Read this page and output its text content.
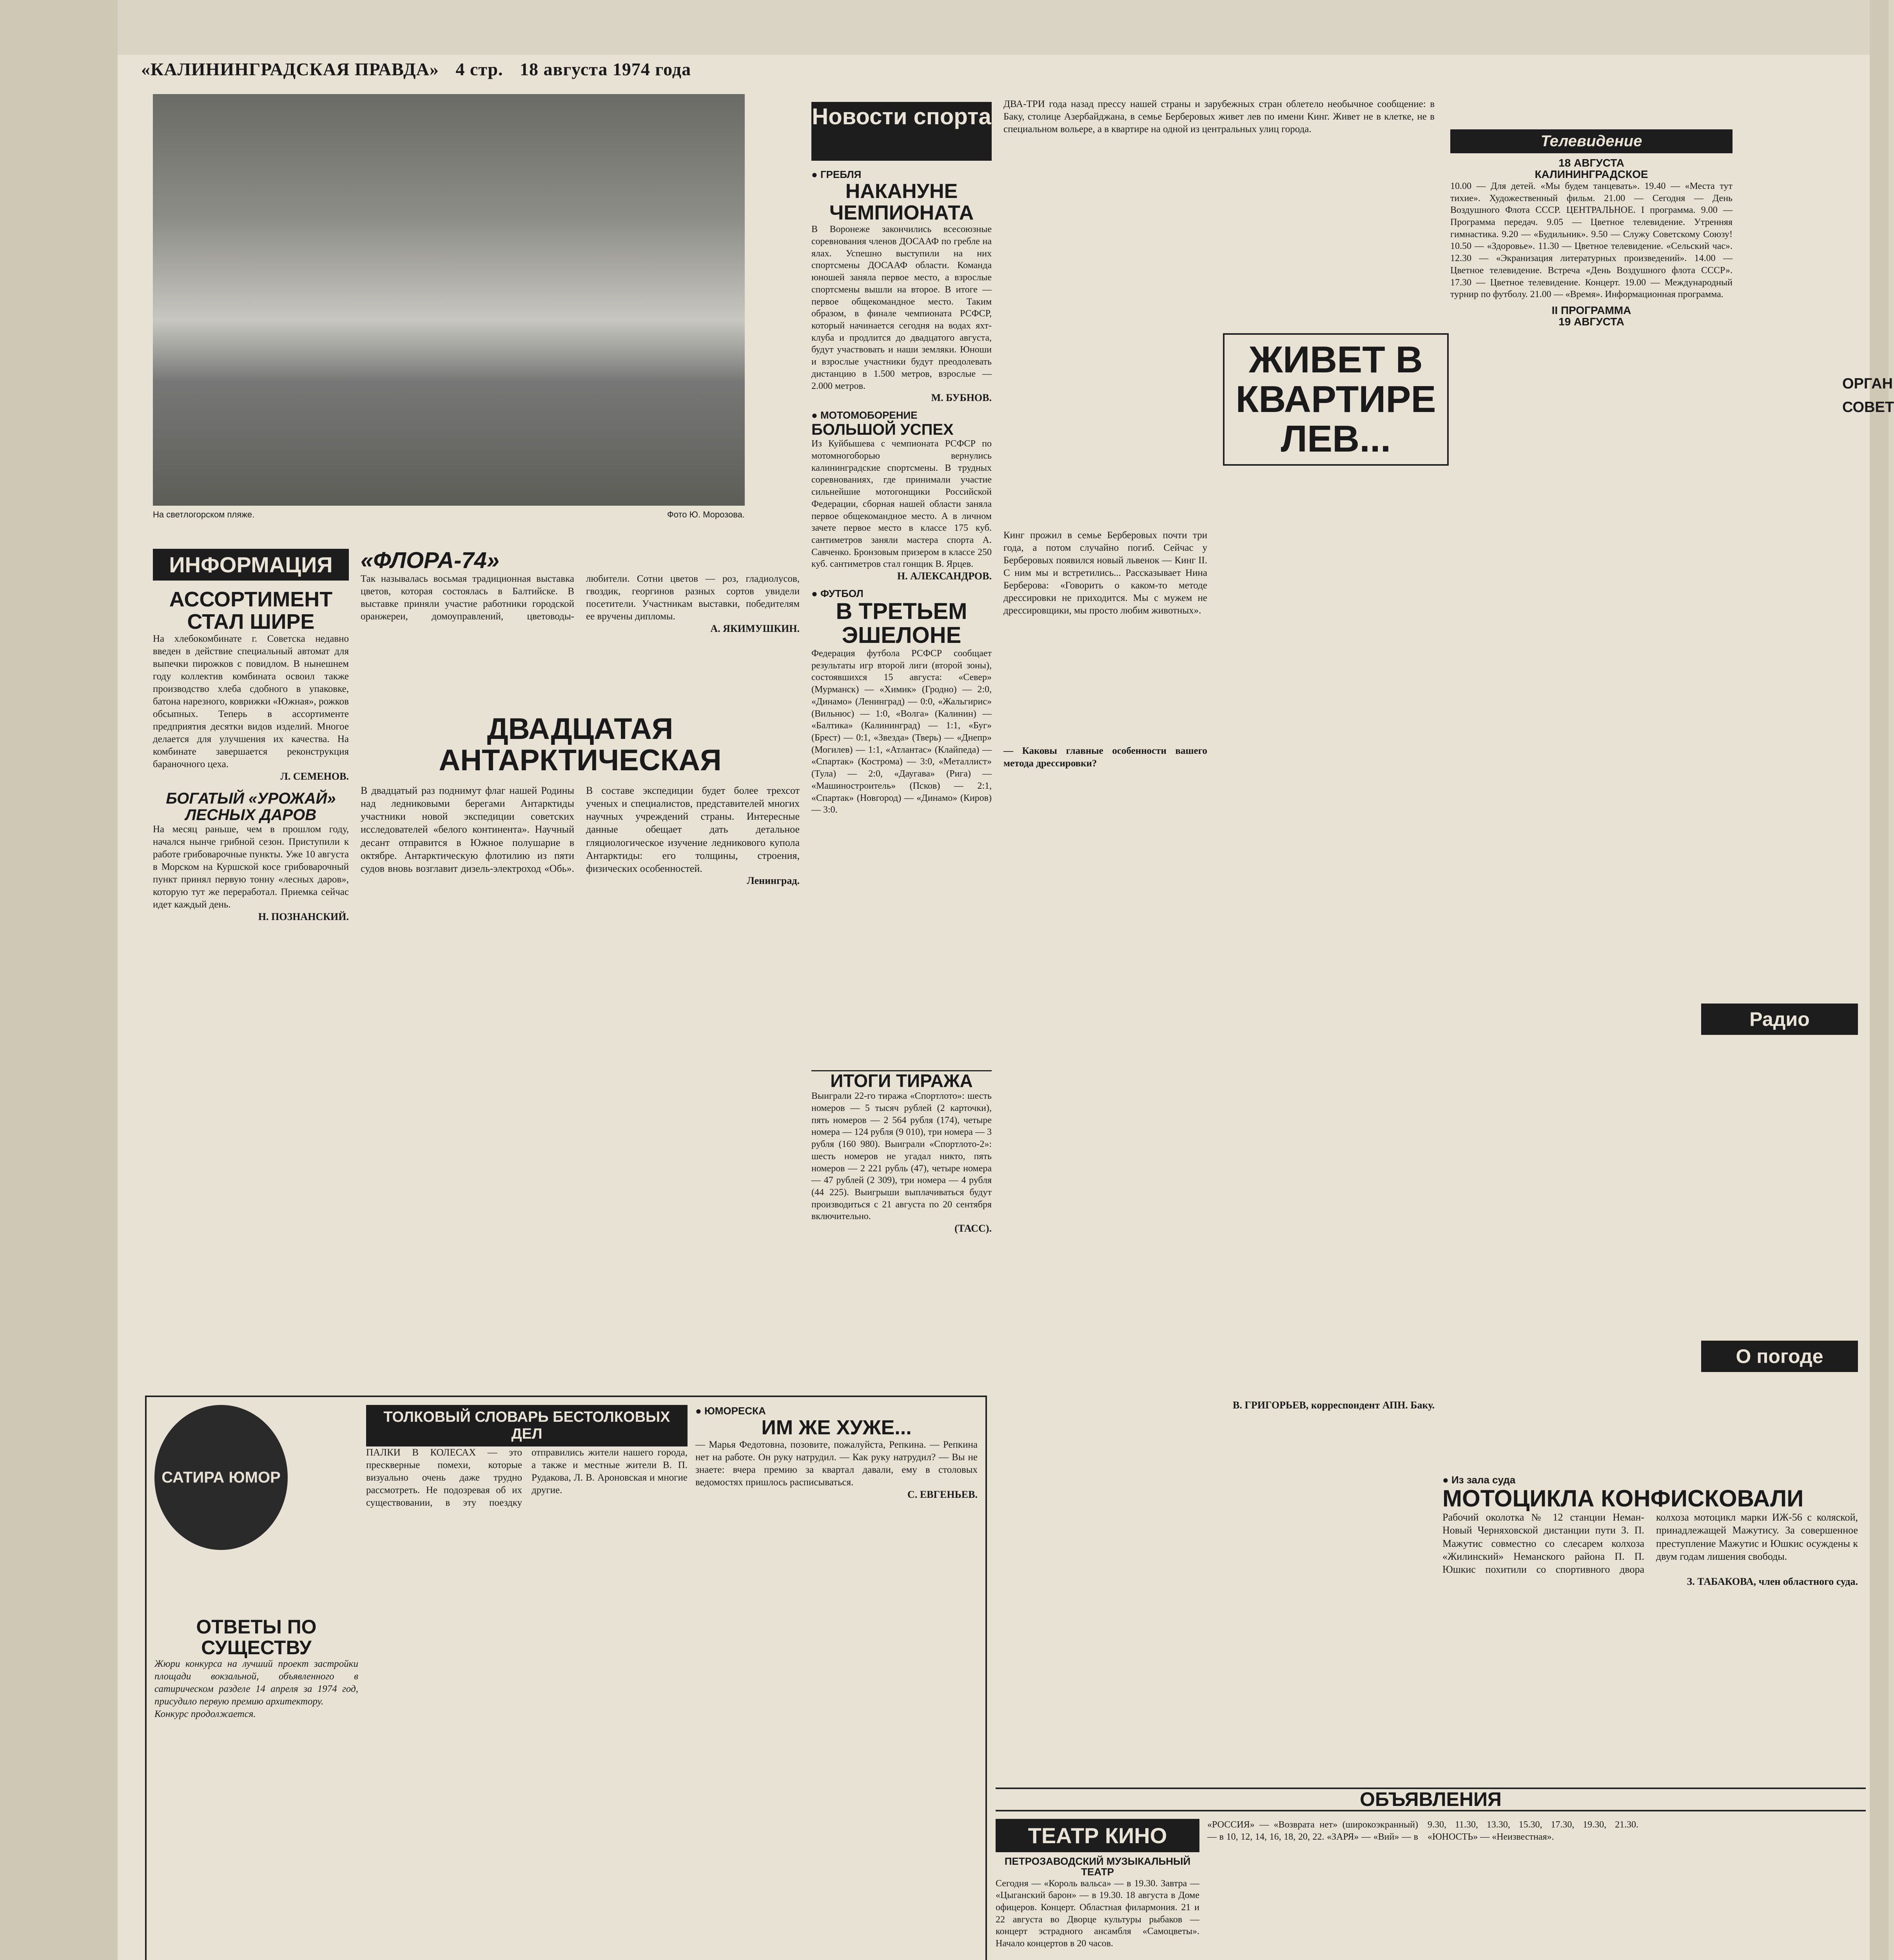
«КАЛИНИНГРАДСКАЯ ПРАВДА» 4 стр. 18 августа 1974 года
На светлогорском пляже.	Фото Ю. Морозова.
Новости спорта
● ГРЕБЛЯ
НАКАНУНЕ ЧЕМПИОНАТА
В Воронеже закончились всесоюзные соревнования членов ДОСААФ по гребле на ялах. Успешно выступили на них спортсмены ДОСААФ области. Команда юношей заняла первое место, а взрослые спортсмены вышли на второе. В итоге — первое общекомандное место. Таким образом, в финале чемпионата РСФСР, который начинается сегодня на водах яхт-клуба и продлится до двадцатого августа, будут участвовать и наши земляки. Юноши и взрослые участники будут преодолевать дистанцию в 1.500 метров, взрослые — 2.000 метров.
М. БУБНОВ.
● МОТОМОБОРЕНИЕ
БОЛЬШОЙ УСПЕХ
Из Куйбышева с чемпионата РСФСР по мотомногоборью вернулись калининградские спортсмены. В трудных соревнованиях, где принимали участие сильнейшие мотогонщики Российской Федерации, сборная нашей области заняла первое общекомандное место. А в личном зачете первое место в классе 175 куб. сантиметров заняли мастера спорта А. Савченко. Бронзовым призером в классе 250 куб. сантиметров стал гонщик В. Ярцев.
Н. АЛЕКСАНДРОВ.
● ФУТБОЛ
В ТРЕТЬЕМ ЭШЕЛОНЕ
Федерация футбола РСФСР сообщает результаты игр второй лиги (второй зоны), состоявшихся 15 августа: «Север» (Мурманск) — «Химик» (Гродно) — 2:0, «Динамо» (Ленинград) — 0:0, «Жальгирис» (Вильнюс) — 1:0, «Волга» (Калинин) — «Балтика» (Калининград) — 1:1, «Буг» (Брест) — 0:1, «Звезда» (Тверь) — «Днепр» (Могилев) — 1:1, «Атлантас» (Клайпеда) — «Спартак» (Кострома) — 3:0, «Металлист» (Тула) — 2:0, «Даугава» (Рига) — «Машиностроитель» (Псков) — 2:1, «Спартак» (Новгород) — «Динамо» (Киров) — 3:0.
ИТОГИ ТИРАЖА
Выиграли 22-го тиража «Спортлото»: шесть номеров — 5 тысяч рублей (2 карточки), пять номеров — 2 564 рубля (174), четыре номера — 124 рубля (9 010), три номера — 3 рубля (160 980). Выиграли «Спортлото-2»: шесть номеров не угадал никто, пять номеров — 2 221 рубль (47), четыре номера — 47 рублей (2 309), три номера — 4 рубля (44 225). Выигрыши выплачиваться будут производиться с 21 августа по 20 сентября включительно.
(ТАСС).
ДВА-ТРИ года назад прессу нашей страны и зарубежных стран облетело необычное сообщение: в Баку, столице Азербайджана, в семье Берберовых живет лев по имени Кинг. Живет не в клетке, не в специальном вольере, а в квартире на одной из центральных улиц города.
ЖИВЕТ В КВАРТИРЕ ЛЕВ...
Кинг прожил в семье Берберовых почти три года, а потом случайно погиб. Сейчас у Берберовых появился новый львенок — Кинг II. С ним мы и встретились... Рассказывает Нина Берберова: «Говорить о каком-то методе дрессировки не приходится. Мы с мужем не дрессировщики, мы просто любим животных».
— Каковы главные особенности вашего метода дрессировки?
В. ГРИГОРЬЕВ, корреспондент АПН. Баку.
ИНФОРМАЦИЯ
АССОРТИМЕНТ СТАЛ ШИРЕ
На хлебокомбинате г. Советска недавно введен в действие специальный автомат для выпечки пирожков с повидлом. В нынешнем году коллектив комбината освоил также производство хлеба сдобного в упаковке, батона нарезного, коврижки «Южная», рожков обсыпных. Теперь в ассортименте предприятия десятки видов изделий. Многое делается для улучшения их качества. На комбинате завершается реконструкция бараночного цеха.
Л. СЕМЕНОВ.
БОГАТЫЙ «УРОЖАЙ» ЛЕСНЫХ ДАРОВ
На месяц раньше, чем в прошлом году, начался нынче грибной сезон. Приступили к работе грибоварочные пункты. Уже 10 августа в Морском на Куршской косе грибоварочный пункт принял первую тонну «лесных даров», которую тут же переработал. Приемка сейчас идет каждый день.
Н. ПОЗНАНСКИЙ.
«ФЛОРА-74»
Так называлась восьмая традиционная выставка цветов, которая состоялась в Балтийске. В выставке приняли участие работники городской оранжереи, домоуправлений, цветоводы-любители. Сотни цветов — роз, гладиолусов, гвоздик, георгинов разных сортов увидели посетители. Участникам выставки, победителям ее вручены дипломы.
А. ЯКИМУШКИН.
ДВАДЦАТАЯ АНТАРКТИЧЕСКАЯ
В двадцатый раз поднимут флаг нашей Родины над ледниковыми берегами Антарктиды участники новой экспедиции советских исследователей «белого континента». Научный десант отправится в Южное полушарие в октябре. Антарктическую флотилию из пяти судов вновь возглавит дизель-электроход «Обь». В составе экспедиции будет более трехсот ученых и специалистов, представителей многих научных учреждений страны. Интересные данные обещает дать детальное гляциологическое изучение ледникового купола Антарктиды: его толщины, строения, физических особенностей.
Ленинград.
САТИРА ЮМОР
ОТВЕТЫ ПО СУЩЕСТВУ
Жюри конкурса на лучший проект застройки площади вокзальной, объявленного в сатирическом разделе 14 апреля за 1974 год, присудило первую премию архитектору.
Конкурс продолжается.
ТОЛКОВЫЙ СЛОВАРЬ БЕСТОЛКОВЫХ ДЕЛ
ПАЛКИ В КОЛЕСАХ — это прескверные помехи, которые визуально очень даже трудно рассмотреть. Не подозревая об их существовании, в эту поездку отправились жители нашего города, а также и местные жители В. П. Рудакова, Л. В. Ароновская и многие другие.
● ЮМОРЕСКА
ИМ ЖЕ ХУЖЕ...
— Марья Федотовна, позовите, пожалуйста, Репкина. — Репкина нет на работе. Он руку натрудил. — Как руку натрудил? — Вы не знаете: вчера премию за квартал давали, ему в столовых ведомостях пришлось расписываться.
С. ЕВГЕНЬЕВ.
Телевидение
18 АВГУСТА
КАЛИНИНГРАДСКОЕ
10.00 — Для детей. «Мы будем танцевать». 19.40 — «Места тут тихие». Художественный фильм. 21.00 — Сегодня — День Воздушного Флота СССР. ЦЕНТРАЛЬНОЕ. I программа. 9.00 — Программа передач. 9.05 — Цветное телевидение. Утренняя гимнастика. 9.20 — «Будильник». 9.50 — Служу Советскому Союзу! 10.50 — «Здоровье». 11.30 — Цветное телевидение. «Сельский час». 12.30 — «Экранизация литературных произведений». 14.00 — Цветное телевидение. Встреча «День Воздушного флота СССР». 17.30 — Цветное телевидение. Концерт. 19.00 — Международный турнир по футболу. 21.00 — «Время». Информационная программа.
II ПРОГРАММА
19 АВГУСТА
Радио
О погоде
ОРГАН
СОВЕТ
● Из зала суда
МОТОЦИКЛА КОНФИСКОВАЛИ
Рабочий околотка № 12 станции Неман-Новый Черняховской дистанции пути З. П. Мажутис совместно со слесарем колхоза «Жилинский» Неманского района П. П. Юшкис похитили со спортивного двора колхоза мотоцикл марки ИЖ-56 с коляской, принадлежащей Мажутису. За совершенное преступление Мажутис и Юшкис осуждены к двум годам лишения свободы.
З. ТАБАКОВА, член областного суда.
ОБЪЯВЛЕНИЯ
ТЕАТР КИНО
ПЕТРОЗАВОДСКИЙ МУЗЫКАЛЬНЫЙ ТЕАТР
Сегодня — «Король вальса» — в 19.30. Завтра — «Цыганский барон» — в 19.30. 18 августа в Доме офицеров. Концерт. Областная филармония. 21 и 22 августа во Дворце культуры рыбаков — концерт эстрадного ансамбля «Самоцветы». Начало концертов в 20 часов.
«РОССИЯ» — «Возврата нет» (широкоэкранный) — в 10, 12, 14, 16, 18, 20, 22. «ЗАРЯ» — «Вий» — в 9.30, 11.30, 13.30, 15.30, 17.30, 19.30, 21.30. «ЮНОСТЬ» — «Неизвестная».
